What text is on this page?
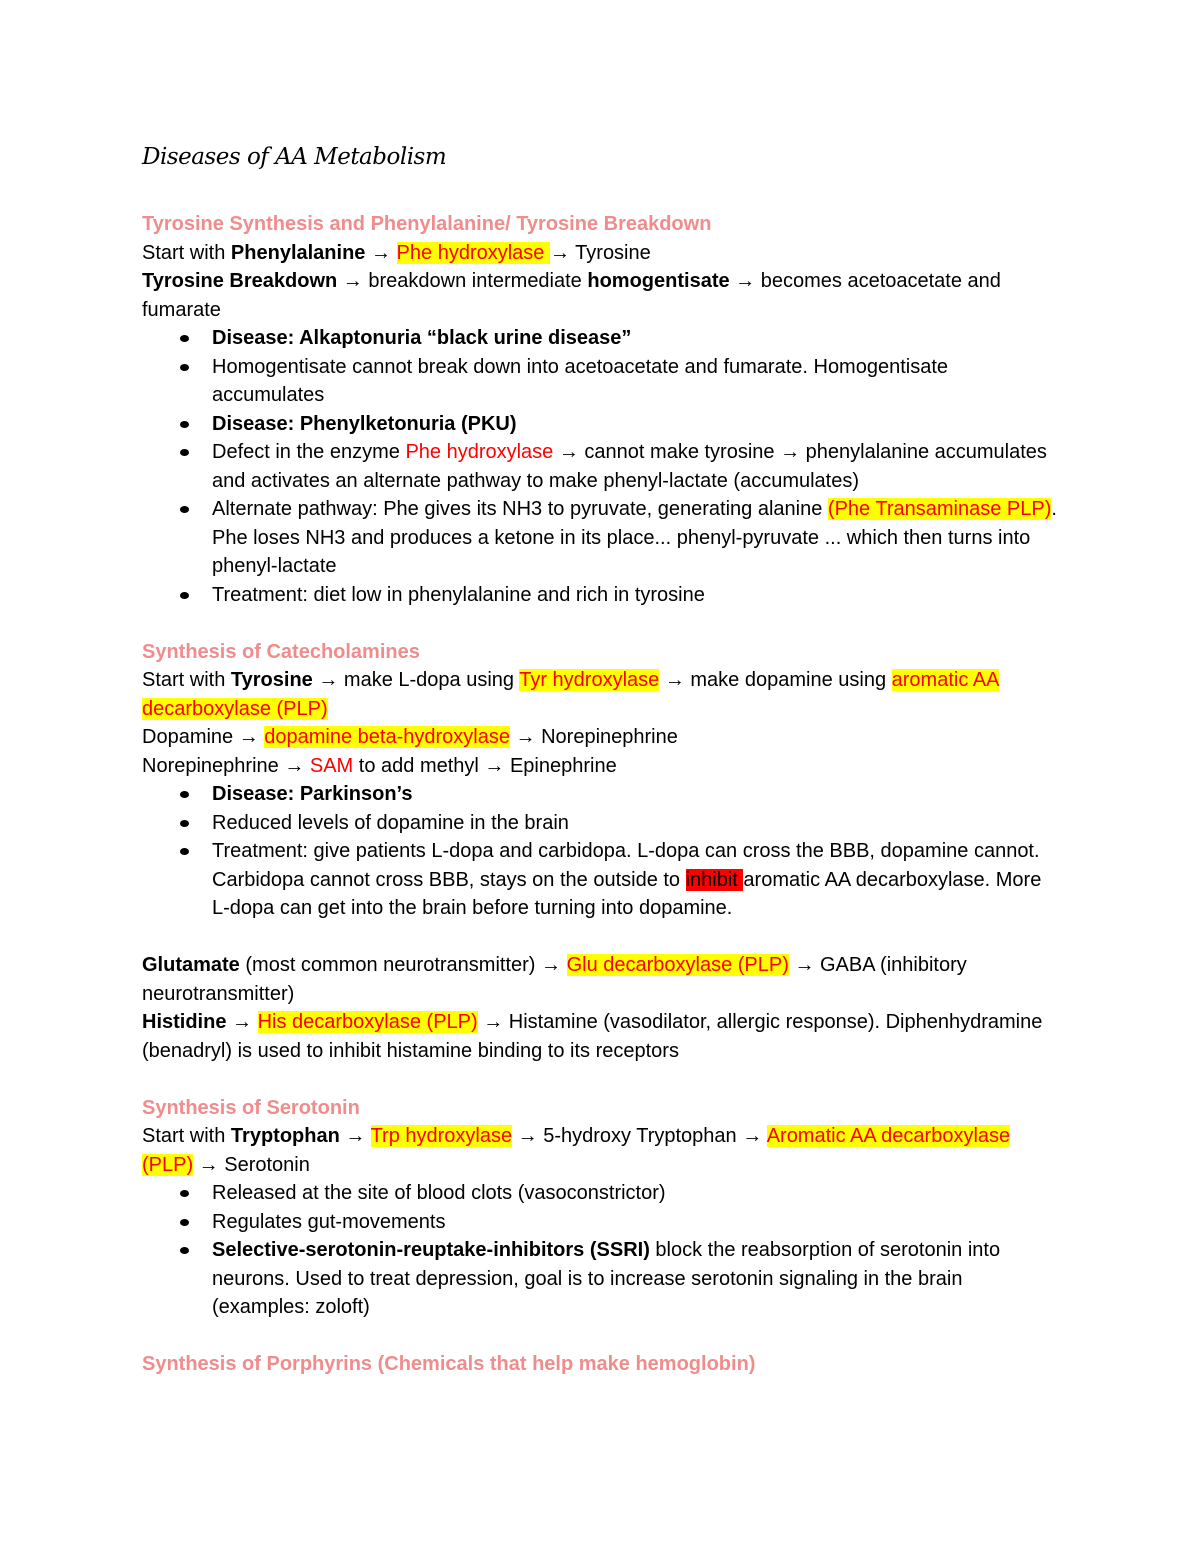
Diseases of AA Metabolism

Tyrosine Synthesis and Phenylalanine/ Tyrosine Breakdown

Start with Phenylalanine → Phe hydroxylase → Tyrosine

Tyrosine Breakdown → breakdown intermediate homogentisate → becomes acetoacetate and fumarate

Disease: Alkaptonuria “black urine disease”
Homogentisate cannot break down into acetoacetate and fumarate. Homogentisate accumulates
Disease: Phenylketonuria (PKU)
Defect in the enzyme Phe hydroxylase → cannot make tyrosine → phenylalanine accumulates and activates an alternate pathway to make phenyl-lactate (accumulates)
Alternate pathway: Phe gives its NH3 to pyruvate, generating alanine (Phe Transaminase PLP). Phe loses NH3 and produces a ketone in its place... phenyl-pyruvate ... which then turns into phenyl-lactate
Treatment: diet low in phenylalanine and rich in tyrosine

Synthesis of Catecholamines

Start with Tyrosine → make L-dopa using Tyr hydroxylase → make dopamine using aromatic AA decarboxylase (PLP)

Dopamine → dopamine beta-hydroxylase → Norepinephrine

Norepinephrine → SAM to add methyl → Epinephrine

Disease: Parkinson’s
Reduced levels of dopamine in the brain
Treatment: give patients L-dopa and carbidopa. L-dopa can cross the BBB, dopamine cannot. Carbidopa cannot cross BBB, stays on the outside to inhibit aromatic AA decarboxylase. More L-dopa can get into the brain before turning into dopamine.

Glutamate (most common neurotransmitter) → Glu decarboxylase (PLP) → GABA (inhibitory neurotransmitter)

Histidine → His decarboxylase (PLP) → Histamine (vasodilator, allergic response). Diphenhydramine (benadryl) is used to inhibit histamine binding to its receptors

Synthesis of Serotonin

Start with Tryptophan → Trp hydroxylase → 5-hydroxy Tryptophan → Aromatic AA decarboxylase (PLP) → Serotonin

Released at the site of blood clots (vasoconstrictor)
Regulates gut-movements
Selective-serotonin-reuptake-inhibitors (SSRI) block the reabsorption of serotonin into neurons. Used to treat depression, goal is to increase serotonin signaling in the brain (examples: zoloft)

Synthesis of Porphyrins (Chemicals that help make hemoglobin)
